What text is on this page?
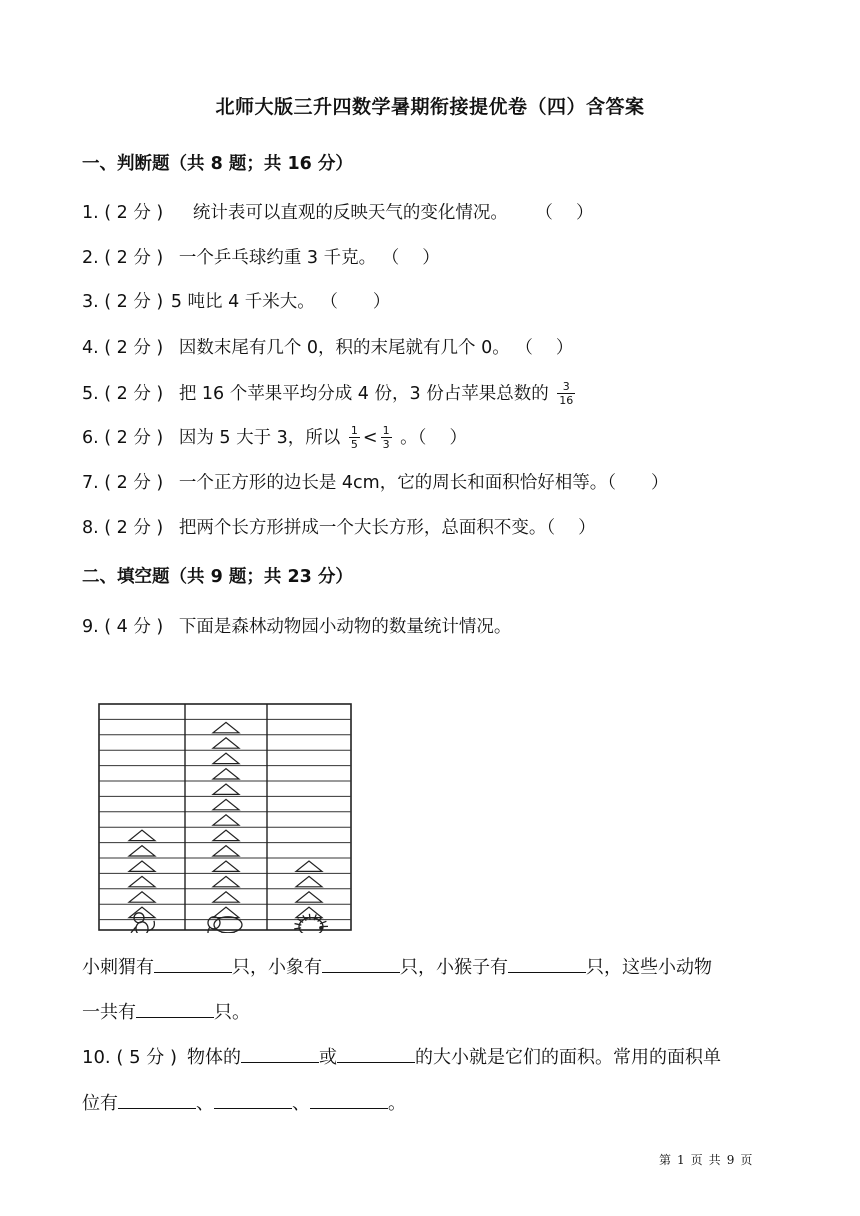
北师大版三升四数学暑期衔接提优卷（四）含答案
一、判断题（共 8 题；共 16 分）
1. ( 2 分 ) 统计表可以直观的反映天气的变化情况。 （　 ）
2. ( 2 分 ) 一个乒乓球约重 3 千克。 （　 ）
3. ( 2 分 ) 5 吨比 4 千米大。 （　　）
4. ( 2 分 ) 因数末尾有几个 0，积的末尾就有几个 0。 （　 ）
5. ( 2 分 ) 把 16 个苹果平均分成 4 份，3 份占苹果总数的 $\frac{3}{16}$
6. ( 2 分 ) 因为 5 大于 3，所以 $\frac{1}{5} < \frac{1}{3}$ 。（　 ）
7. ( 2 分 ) 一个正方形的边长是 4cm，它的周长和面积恰好相等。（　　）
8. ( 2 分 ) 把两个长方形拼成一个大长方形，总面积不变。（　 ）
二、填空题（共 9 题；共 23 分）
9. ( 4 分 ) 下面是森林动物园小动物的数量统计情况。
小刺猬有	只，小象有	只，小猴子有	只，这些小动物
一共有	只。
10. ( 5 分 ) 物体的	或	的大小就是它们的面积。常用的面积单
位有	、	、	。
第 1 页 共 9 页
